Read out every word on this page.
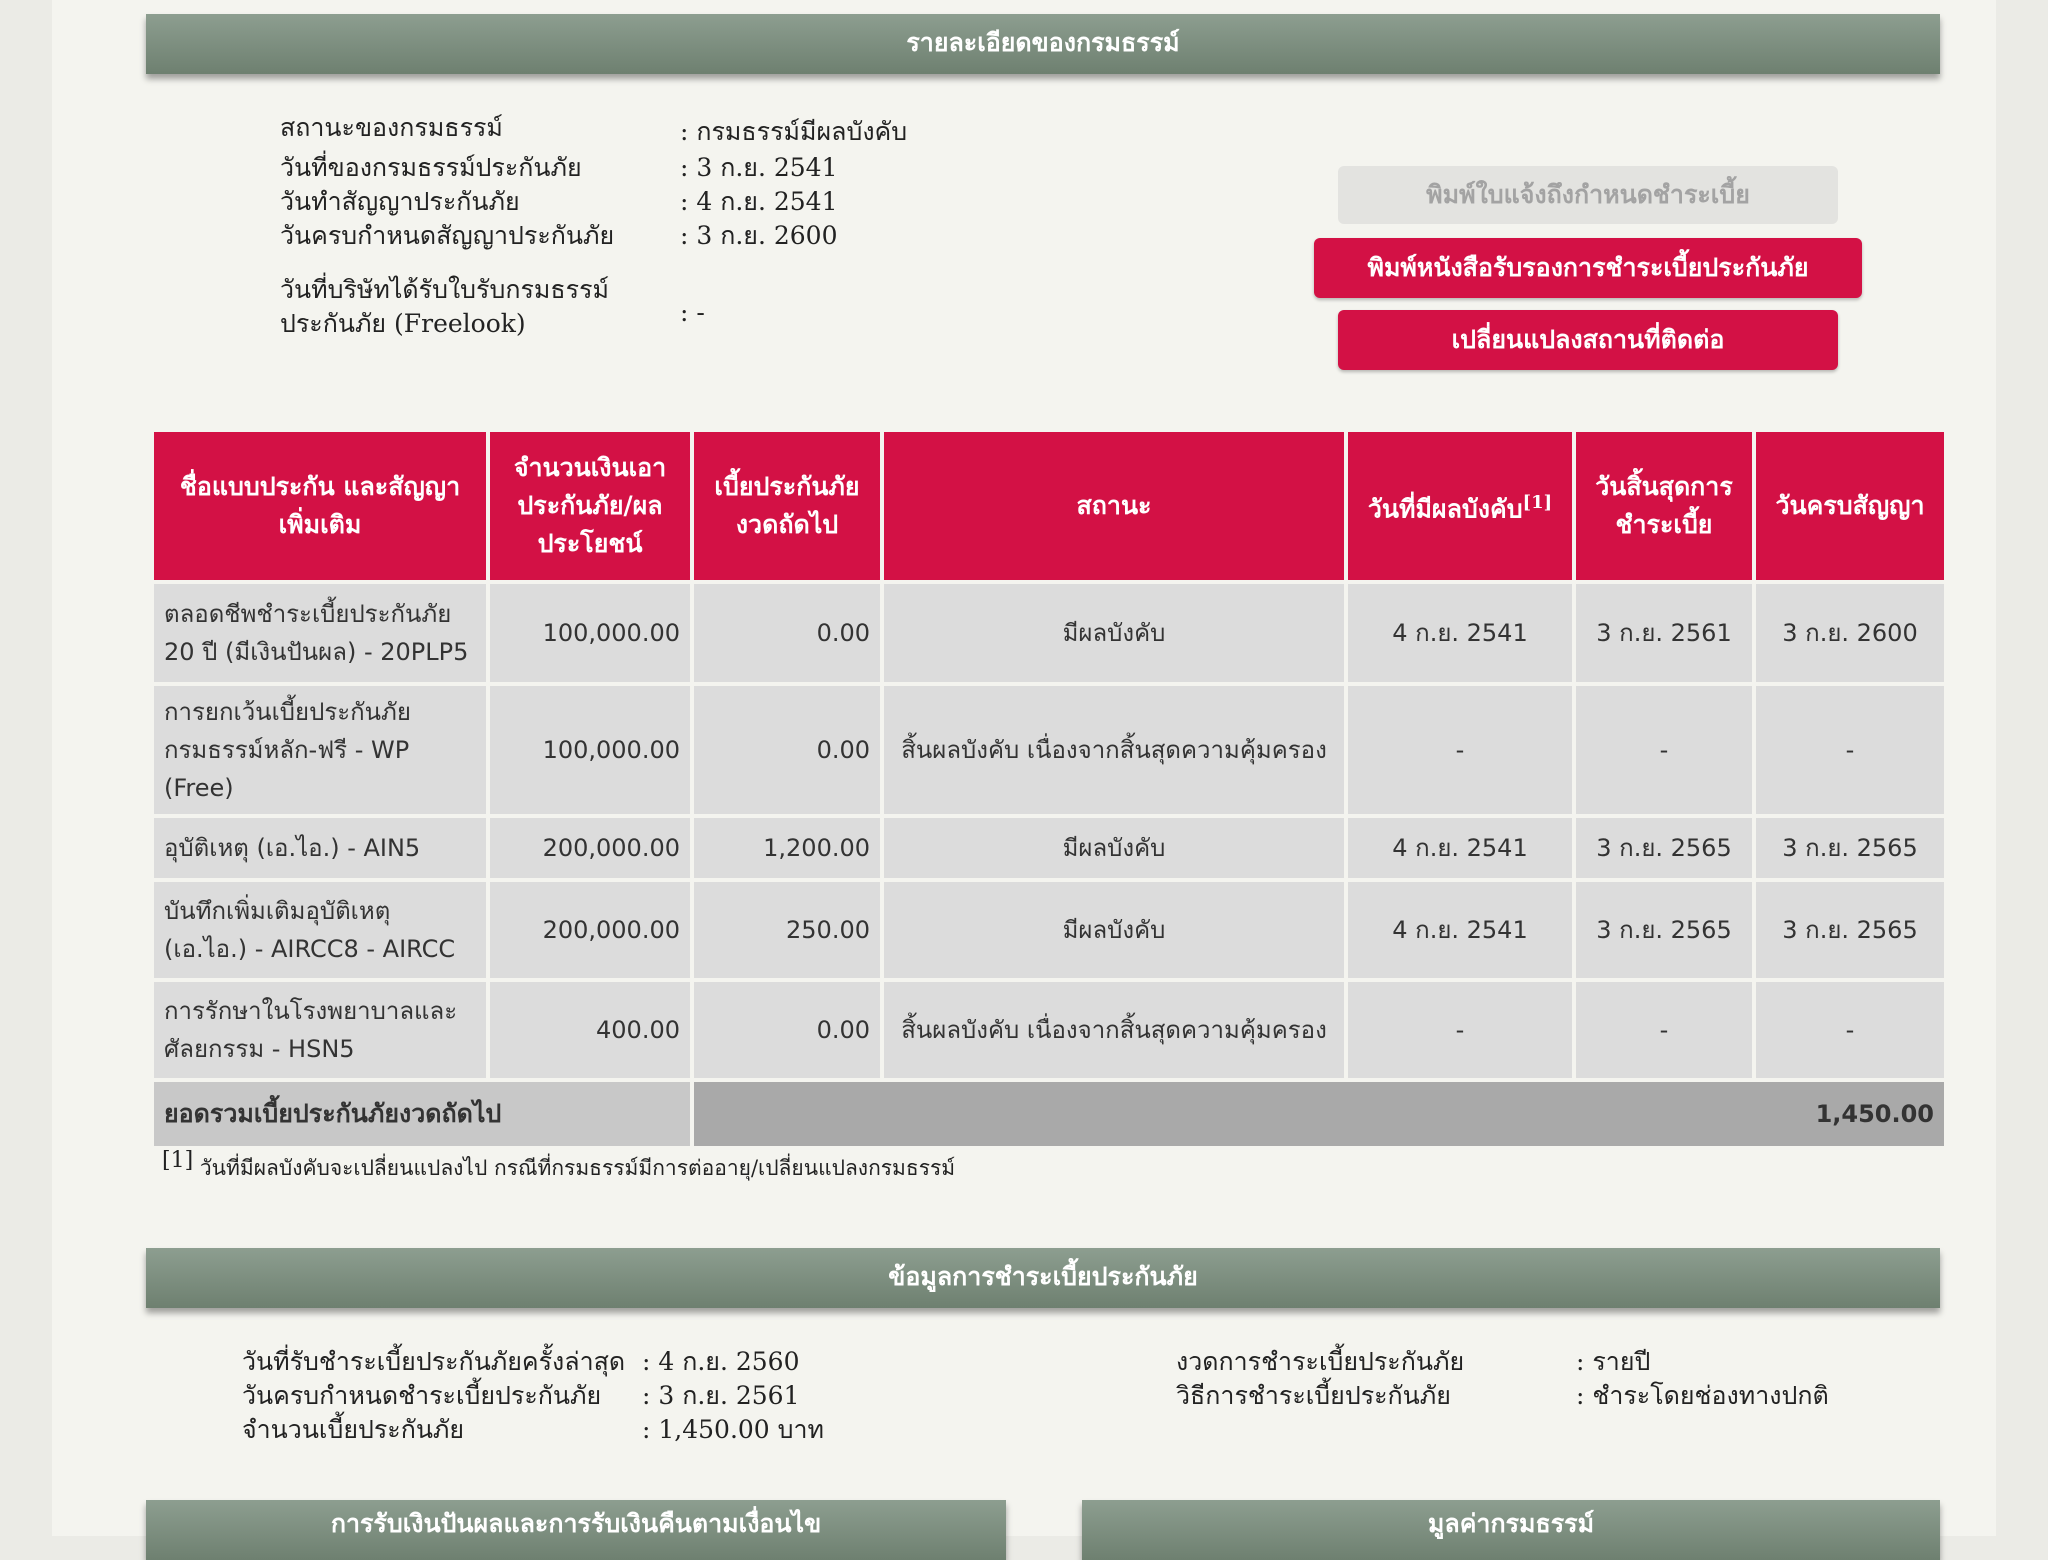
รายละเอียดของกรมธรรม์
สถานะของกรมธรรม์	: กรมธรรม์มีผลบังคับ
วันที่ของกรมธรรม์ประกันภัย	: 3 ก.ย. 2541
วันทำสัญญาประกันภัย	: 4 ก.ย. 2541
วันครบกำหนดสัญญาประกันภัย	: 3 ก.ย. 2600
วันที่บริษัทได้รับใบรับกรมธรรม์
ประกันภัย (Freelook)	: -
พิมพ์ใบแจ้งถึงกำหนดชำระเบี้ย
พิมพ์หนังสือรับรองการชำระเบี้ยประกันภัย
เปลี่ยนแปลงสถานที่ติดต่อ
ชื่อแบบประกัน และสัญญาเพิ่มเติม	จำนวนเงินเอาประกันภัย/ผลประโยชน์	เบี้ยประกันภัยงวดถัดไป	สถานะ	วันที่มีผลบังคับ[1]	วันสิ้นสุดการชำระเบี้ย	วันครบสัญญา
ตลอดชีพชำระเบี้ยประกันภัย 20 ปี (มีเงินปันผล) - 20PLP5	100,000.00	0.00	มีผลบังคับ	4 ก.ย. 2541	3 ก.ย. 2561	3 ก.ย. 2600
การยกเว้นเบี้ยประกันภัยกรมธรรม์หลัก-ฟรี - WP (Free)	100,000.00	0.00	สิ้นผลบังคับ เนื่องจากสิ้นสุดความคุ้มครอง	-	-	-
อุบัติเหตุ (เอ.ไอ.) - AIN5	200,000.00	1,200.00	มีผลบังคับ	4 ก.ย. 2541	3 ก.ย. 2565	3 ก.ย. 2565
บันทึกเพิ่มเติมอุบัติเหตุ (เอ.ไอ.) - AIRCC8 - AIRCC	200,000.00	250.00	มีผลบังคับ	4 ก.ย. 2541	3 ก.ย. 2565	3 ก.ย. 2565
การรักษาในโรงพยาบาลและศัลยกรรม - HSN5	400.00	0.00	สิ้นผลบังคับ เนื่องจากสิ้นสุดความคุ้มครอง	-	-	-
ยอดรวมเบี้ยประกันภัยงวดถัดไป		1,450.00				
[1] วันที่มีผลบังคับจะเปลี่ยนแปลงไป กรณีที่กรมธรรม์มีการต่ออายุ/เปลี่ยนแปลงกรมธรรม์
ข้อมูลการชำระเบี้ยประกันภัย
วันที่รับชำระเบี้ยประกันภัยครั้งล่าสุด : 4 ก.ย. 2560
วันครบกำหนดชำระเบี้ยประกันภัย : 3 ก.ย. 2561
จำนวนเบี้ยประกันภัย	: 1,450.00 บาท
งวดการชำระเบี้ยประกันภัย	: รายปี
วิธีการชำระเบี้ยประกันภัย	: ชำระโดยช่องทางปกติ
การรับเงินปันผลและการรับเงินคืนตามเงื่อนไข	มูลค่ากรมธรรม์
